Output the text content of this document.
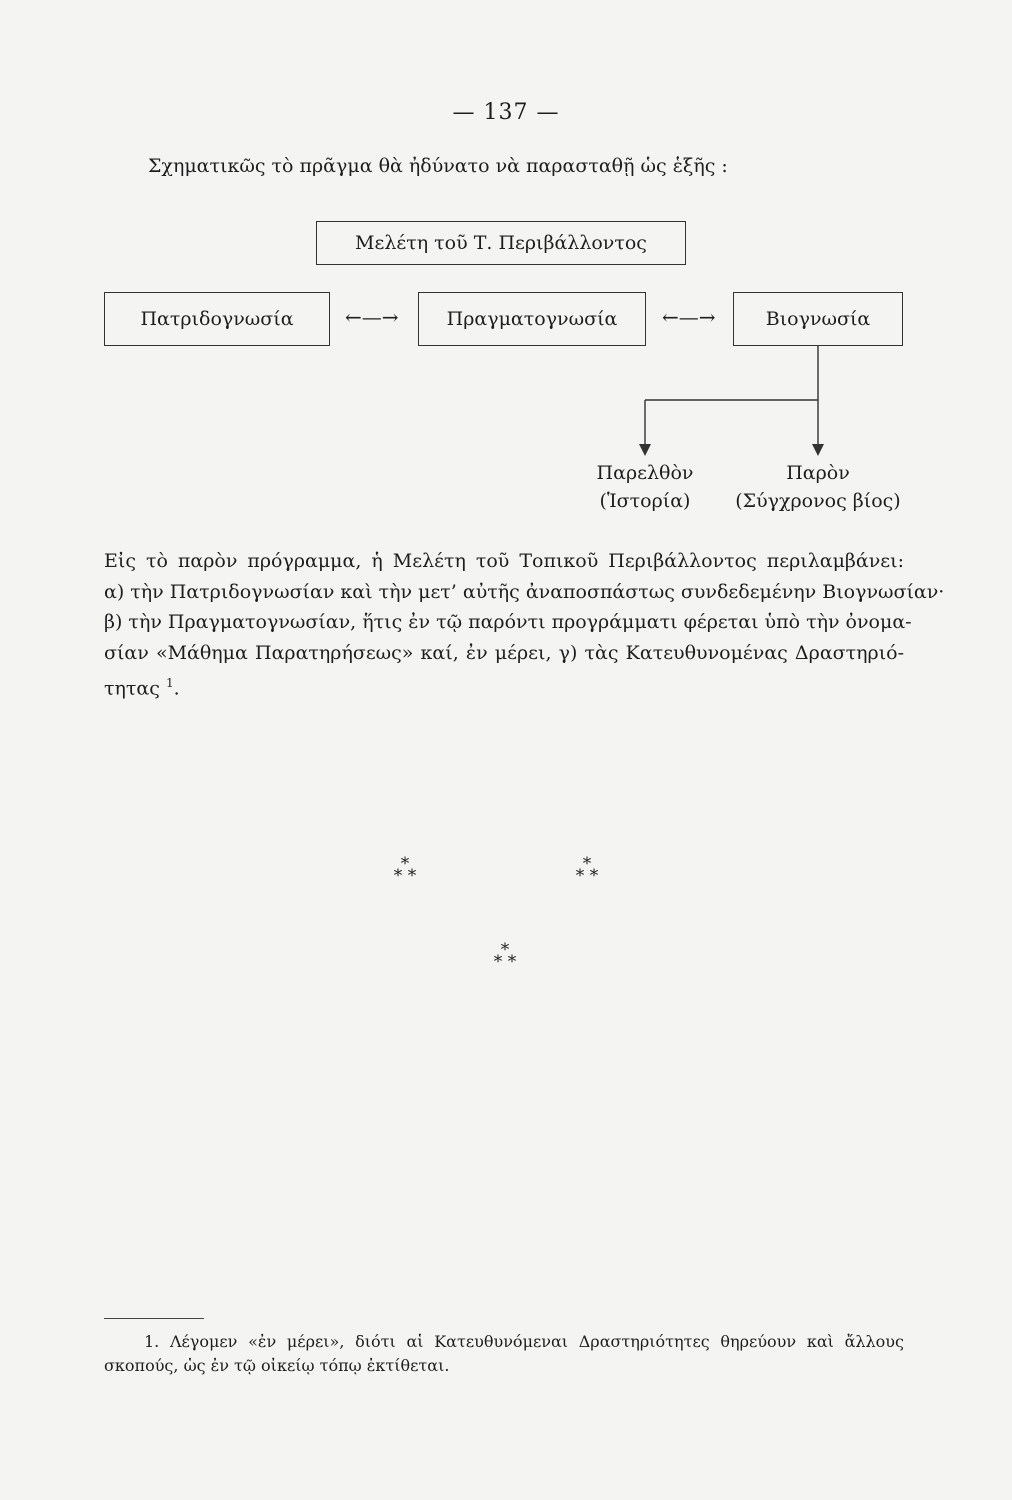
— 137 —
Σχηματικῶς τὸ πρᾶγμα θὰ ἠδύνατο νὰ παρασταθῇ ὡς ἑξῆς :
Μελέτη τοῦ Τ. Περιβάλλοντος
Πατριδογνωσία	Πραγματογνωσία	Βιογνωσία
←—→	←—→
Παρελθὸν
(Ἱστορία)
Παρὸν
(Σύγχρονος βίος)
Εἰς τὸ παρὸν πρόγραμμα, ἡ Μελέτη τοῦ Τοπικοῦ Περιβάλλοντος περιλαμβάνει:
α) τὴν Πατριδογνωσίαν καὶ τὴν μετ’ αὐτῆς ἀναποσπάστως συνδεδεμένην Βιογνωσίαν·
β) τὴν Πραγματογνωσίαν, ἥτις ἐν τῷ παρόντι προγράμματι φέρεται ὑπὸ τὴν ὀνομα-
σίαν «Μάθημα Παρατηρήσεως» καί, ἐν μέρει, γ) τὰς Κατευθυνομένας Δραστηριό-
τητας $^1$.
*
* *
*
* *
*
* *
1. Λέγομεν «ἐν μέρει», διότι αἱ Κατευθυνόμεναι Δραστηριότητες θηρεύουν καὶ ἄλλους
σκοπούς, ὡς ἐν τῷ οἰκείῳ τόπῳ ἐκτίθεται.
